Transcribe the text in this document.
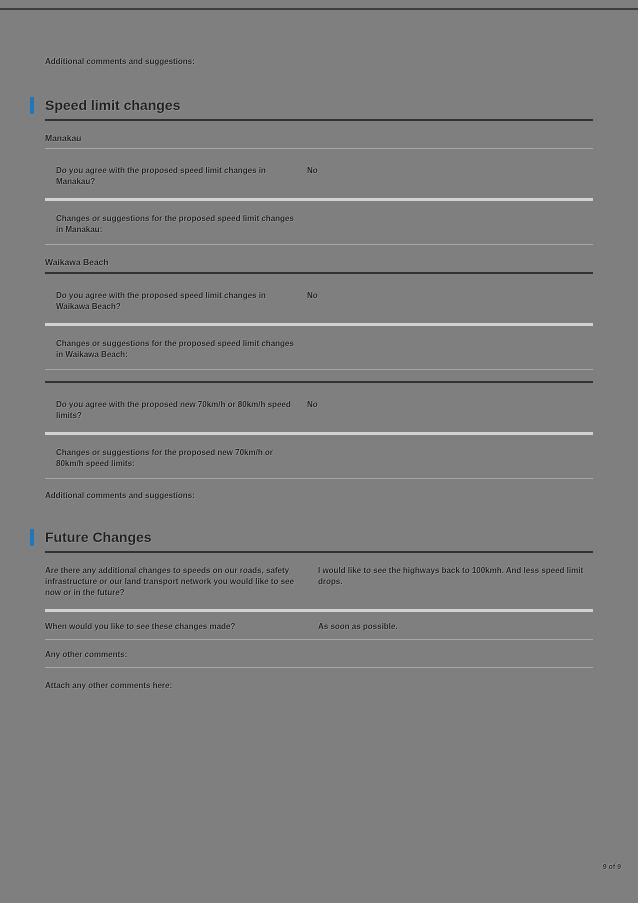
Additional comments and suggestions:
Speed limit changes
Manakau
Do you agree with the proposed speed limit changes in Manakau?
No
Changes or suggestions for the proposed speed limit changes in Manakau:
Waikawa Beach
Do you agree with the proposed speed limit changes in Waikawa Beach?
No
Changes or suggestions for the proposed speed limit changes in Waikawa Beach:
Do you agree with the proposed new 70km/h or 80km/h speed limits?
No
Changes or suggestions for the proposed new 70km/h or 80km/h speed limits:
Additional comments and suggestions:
Future Changes
Are there any additional changes to speeds on our roads, safety infrastructure or our land transport network you would like to see now or in the future?
I would like to see the highways back to 100kmh. And less speed limit drops.
When would you like to see these changes made?	As soon as possible.
Any other comments:
Attach any other comments here:
9 of 9
